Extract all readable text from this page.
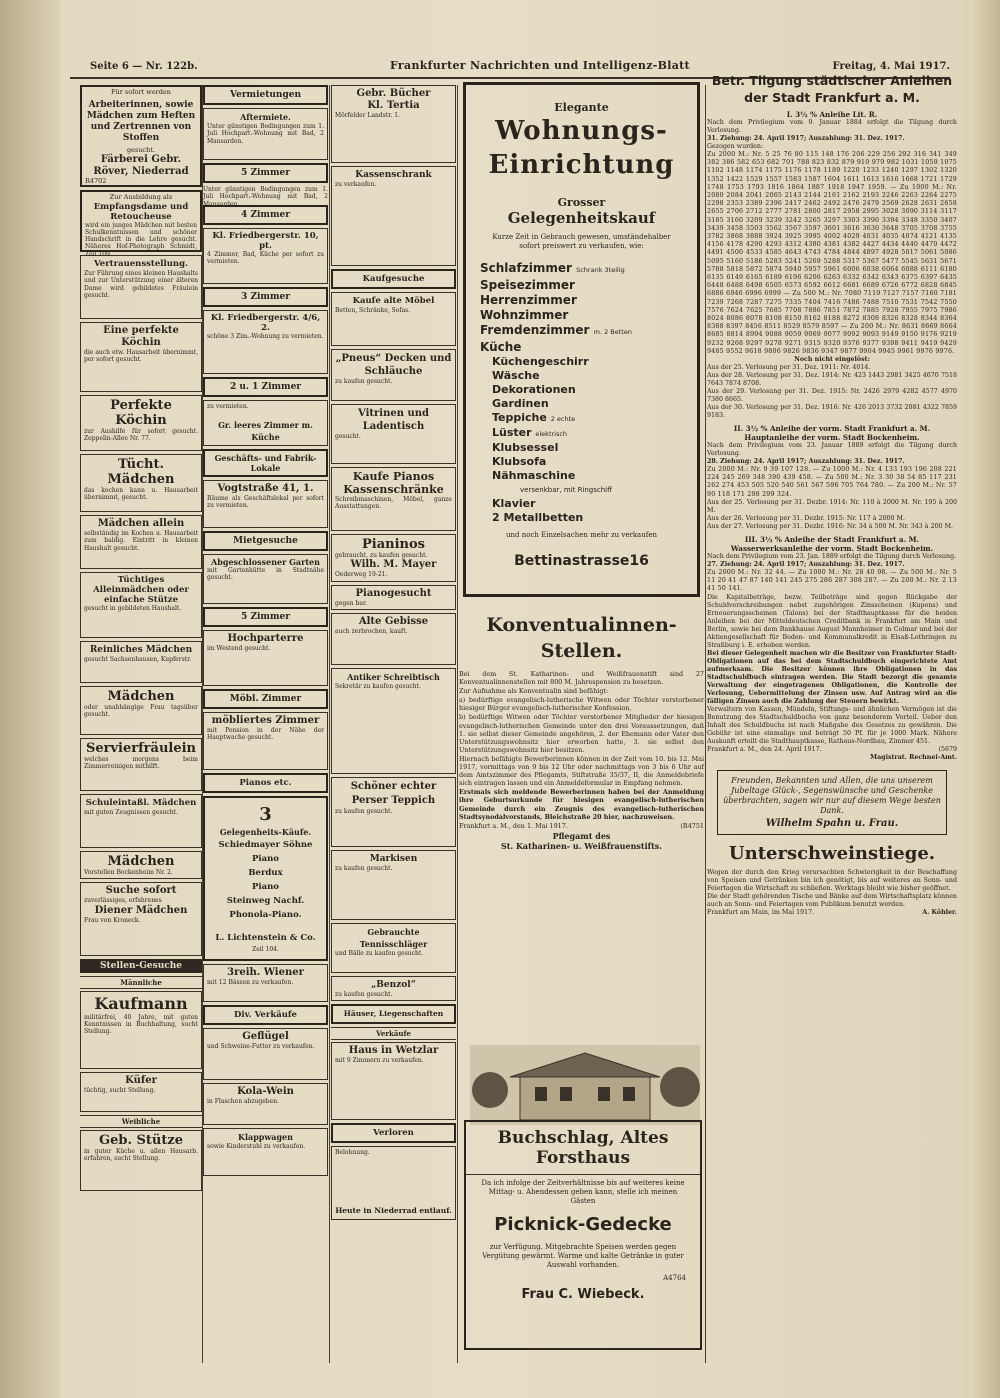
Seite 6 — Nr. 122b.	Frankfurter Nachrichten und Intelligenz-Blatt	Freitag, 4. Mai 1917.
Für sofort werden
Arbeiterinnen, sowie Mädchen zum Heften und Zertrennen von Stoffen
gesucht.
Färberei Gebr. Röver, Niederrad
R4702
Zur Ausbildung als
Empfangsdame und Retoucheuse
wird ein junges Mädchen mit besten Schulkenntnissen und schöner Handschrift in die Lehre gesucht. Näheres Hof-Photograph Schmidt, Zeil 109.
Vertrauensstellung.
Zur Führung eines kleinen Haushalts und zur Unterstützung einer älteren Dame wird gebildetes Fräulein gesucht.
Eine perfekte Köchin
die auch etw. Hausarbeit übernimmt, per sofort gesucht.
Perfekte Köchin
zur Aushilfe für sofort gesucht. Zeppelin-Allee Nr. 77.
Tücht. Mädchen
das kochen kann u. Hausarbeit übernimmt, gesucht.
Mädchen allein
selbständig im Kochen u. Hausarbeit zum baldig. Eintritt in kleinen Haushalt gesucht.
Tüchtiges Alleinmädchen oder einfache Stütze
gesucht in gebildeten Haushalt.
Reinliches Mädchen
gesucht Sachsenhausen, Kupferstr.
Mädchen
oder unabhängige Frau tagsüber gesucht.
Servierfräulein
welches morgens beim Zimmerreinigen mithilft.
Schuleintaßl. Mädchen
mit guten Zeugnissen gesucht.
Mädchen
Vorstellen Bockenheim Nr. 2.
Suche sofort
zuverlässiges, erfahrenes
Diener Mädchen
Frau von Kroneck.
Stellen-Gesuche
Männliche
Kaufmann
militärfrei, 40 Jahre, mit guten Kenntnissen in Buchhaltung, sucht Stellung.
Küfer
tüchtig, sucht Stellung.
Weibliche
Geb. Stütze
in guter Küche u. allen Hausarb. erfahren, sucht Stellung.
Vermietungen
Aftermiete.
Unter günstigen Bedingungen zum 1. Juli Hochpart.-Wohnung mit Bad, 2 Mansarden.
5 Zimmer
Unter günstigen Bedingungen zum 1. Juli Hochpart.-Wohnung mit Bad, 2 Mansarden.
4 Zimmer
Kl. Friedbergerstr. 10, pt.
4 Zimmer, Bad, Küche per sofort zu vermieten.
3 Zimmer
Kl. Friedbergerstr. 4/6, 2.
schöne 3 Zim.-Wohnung zu vermieten.
2 u. 1 Zimmer
zu vermieten.
Gr. leeres Zimmer m. Küche
Geschäfts- und Fabrik-Lokale
Vogtstraße 41, 1.
Räume als Geschäftslokal per sofort zu vermieten.
Mietgesuche
Abgeschlossener Garten
mit Gartenhütte in Stadtnähe gesucht.
5 Zimmer
Hochparterre
im Westend gesucht.
Möbl. Zimmer
möbliertes Zimmer
mit Pension in der Nähe der Hauptwache gesucht.
Pianos etc.
3
Gelegenheits-Käufe.
Schiedmayer Söhne
Piano
Berdux
Piano
Steinweg Nachf.
Phonola-Piano.
L. Lichtenstein & Co.
Zeil 104.
3reih. Wiener
mit 12 Bässen zu verkaufen.
Div. Verkäufe
Geflügel
und Schweine-Futter zu verkaufen.
Kola-Wein
in Flaschen abzugeben.
Klappwagen
sowie Kinderstuhl zu verkaufen.
Gebr. Bücher
Kl. Tertia
Mörfelder Landstr. 1.
Kassenschrank
zu verkaufen.
Kaufgesuche
Kaufe alte Möbel
Betten, Schränke, Sofas.
„Pneus“ Decken und Schläuche
zu kaufen gesucht.
Vitrinen und Ladentisch
gesucht.
Kaufe Pianos Kassenschränke
Schreibmaschinen, Möbel, ganze Ausstattungen.
Pianinos
gebraucht, zu kaufen gesucht.
Wilh. M. Mayer
Oederweg 19-21.
Pianogesucht
gegen bar.
Alte Gebisse
auch zerbrochen, kauft.
Antiker Schreibtisch
Sekretär zu kaufen gesucht.
Schöner echter Perser Teppich
zu kaufen gesucht.
Markisen
zu kaufen gesucht.
Gebrauchte Tennisschläger
und Bälle zu kaufen gesucht.
„Benzol“
zu kaufen gesucht.
Häuser, Liegenschaften
Verkäufe
Haus in Wetzlar
mit 9 Zimmern zu verkaufen.
Verloren
Belohnung.
Heute in Niederrad entlauf.
Elegante
Wohnungs-
Einrichtung
Grosser
Gelegenheitskauf
Kurze Zeit in Gebrauch gewesen, umständehalber sofort preiswert zu verkaufen, wie:
Schlafzimmer Schrank 3teilig
Speisezimmer
Herrenzimmer
Wohnzimmer
Fremdenzimmer m. 2 Betten
Küche
Küchengeschirr
Wäsche
Dekorationen
Gardinen
Teppiche 2 echte
Lüster elektrisch
Klubsessel
Klubsofa
Nähmaschine
versenkbar, mit Ringschiff
Klavier
2 Metallbetten
und noch Einzelsachen mehr zu verkaufen
Bettinastrasse16
Konventualinnen-Stellen.

Bei dem St. Katharinen- und Weißfrauenstift sind 27 Konventualinnenstellen mit 800 M. Jahrespension zu besetzen.

Zur Aufnahme als Konventualin sind befähigt:

a) bedürftige evangelisch-lutherische Witwen oder Töchter verstorbener hiesiger Bürger evangelisch-lutherischer Konfession,

b) bedürftige Witwen oder Töchter verstorbener Mitglieder der hiesigen evangelisch-lutherischen Gemeinde unter den drei Voraussetzungen, daß 1. sie selbst dieser Gemeinde angehören, 2. der Ehemann oder Vater den Unterstützungswohnsitz hier erworben hatte, 3. sie selbst den Unterstützungswohnsitz hier besitzen.

Hiernach befähigte Bewerberinnen können in der Zeit vom 10. bis 12. Mai 1917, vormittags von 9 bis 12 Uhr oder nachmittags von 3 bis 6 Uhr auf dem Amtszimmer des Pflegamts, Stiftstraße 35/37, II, die Anmeldebriefe sich eintragen lassen und ein Anmeldeformular in Empfang nehmen.

Erstmals sich meldende Bewerberinnen haben bei der Anmeldung ihre Geburtsurkunde für hiesigen evangelisch-lutherischen Gemeinde durch ein Zeugnis des evangelisch-lutherischen Stadtsynodalvorstands, Bleichstraße 20 hier, nachzuweisen.

Frankfurt a. M., den 1. Mai 1917.	(R4751

Pflegamt des
St. Katharinen- u. Weißfrauenstifts.
Buchschlag, Altes Forsthaus
Da ich infolge der Zeitverhältnisse bis auf weiteres keine Mittag- u. Abendessen geben kann, stelle ich meinen Gästen
Picknick-Gedecke
zur Verfügung. Mitgebrachte Speisen werden gegen Vergütung gewärmt. Warme und kalte Getränke in guter Auswahl vorhanden.
A4764
Frau C. Wiebeck.
Betr. Tilgung städtischer Anleihen
der Stadt Frankfurt a. M.
I. 3½ % Anleihe Lit. R.
Nach dem Privilegium vom 9. Januar 1884 erfolgt die Tilgung durch Verlosung.
31. Ziehung: 24. April 1917; Auszahlung: 31. Dez. 1917.
Gezogen wurden:
Zu 2000 M.: Nr. 5 25 76 80 115 148 176 206 229 256 292 316 341 349 382 386 582 653 682 701 788 823 832 879 910 979 982 1031 1059 1075 1102 1148 1174 1175 1176 1178 1189 1220 1233 1240 1297 1302 1320 1352 1422 1529 1557 1583 1587 1604 1611 1613 1616 1668 1721 1729 1748 1753 1793 1816 1864 1887 1918 1947 1959. — Zu 1000 M.: Nr. 2080 2084 2041 2065 2143 2144 2161 2162 2193 2246 2263 2264 2275 2298 2353 2389 2396 2417 2462 2492 2476 2479 2569 2628 2631 2658 2655 2706 2712 2777 2781 2800 2817 2958 2995 3028 3090 3114 3117 3185 3160 3209 3239 3242 3265 3297 3303 3390 3394 3348 3350 3407 3439 3458 3503 3562 3567 3597 3601 3616 3630 3648 3705 3708 3755 3782 3868 3888 3924 3925 3995 4002 4029 4031 4035 4074 4121 4135 4156 4178 4290 4293 4312 4380 4381 4382 4427 4434 4440 4470 4472 4491 4500 4533 4585 4643 4743 4784 4844 4897 4928 5017 5061 5086 5095 5160 5186 5283 5241 5269 5288 5317 5367 5477 5545 5631 5671 5788 5818 5872 5874 5940 5957 5961 6006 6038 6064 6088 6111 6180 6135 6149 6165 6189 6196 6206 6263 6332 6342 6343 6375 6397 6435 6448 6488 6498 6505 6573 6592 6612 6681 6689 6726 6772 6828 6845 6886 6946 6996 6999 — Zu 500 M.: Nr. 7080 7119 7127 7157 7160 7181 7239 7268 7287 7275 7335 7404 7416 7486 7488 7510 7531 7542 7550 7576 7624 7625 7685 7708 7886 7851 7872 7885 7928 7955 7975 7986 8024 8086 8078 8108 8150 8162 8188 8272 8308 8326 8328 8344 8364 8388 8397 8456 8511 8529 8579 8597 — Zu 200 M.: Nr. 8631 8669 8664 8685 8814 8994 9088 9059 9069 9077 9092 9093 9149 9150 9176 9219 9232 9268 9297 9278 9271 9315 9320 9376 9377 9398 9411 9419 9429 9485 9552 9618 9806 9826 9836 9347 9877 9904 9945 9961 9976 9976.
Noch nicht eingelöst:
Aus der 25. Verlosung per 31. Dez. 1911: Nr. 4014.
Aus der 28. Verlosung per 31. Dez. 1914: Nr. 423 1443 2981 3425 4670 7518 7643 7874 8708.
Aus der 29. Verlosung per 31. Dez. 1915: Nr. 2426 2979 4282 4577 4970 7380 8665.
Aus der 30. Verlosung per 31. Dez. 1916: Nr. 426 2013 3732 2081 4322 7859 9183.
II. 3½ % Anleihe der vorm. Stadt Frankfurt a. M. Hauptanleihe der vorm. Stadt Bockenheim.
Nach dem Privilegium vom 23. Januar 1889 erfolgt die Tilgung durch Verlosung.
28. Ziehung: 24. April 1917; Auszahlung: 31. Dez. 1917.
Zu 2000 M.: Nr. 9 39 107 128. — Zu 1000 M.: Nr. 4 133 193 196 208 221 224 245 269 348 390 439 458. — Zu 500 M.: Nr. 3 30 38 54 85 117 231 262 274 453 505 520 540 561 567 596 705 764 780. — Zu 200 M.: Nr. 57 90 118 171 298 299 324.
Aus der 25. Verlosung per 31. Dezbr. 1914: Nr. 110 à 2000 M. Nr. 195 à 200 M.
Aus der 26. Verlosung per 31. Dezbr. 1915: Nr. 117 à 2000 M.
Aus der 27. Verlosung per 31. Dezbr. 1916: Nr. 34 à 500 M. Nr. 343 à 200 M.
III. 3½ % Anleihe der Stadt Frankfurt a. M. Wasserwerksanleihe der vorm. Stadt Bockenheim.
Nach dem Privilegium vom 23. Jan. 1889 erfolgt die Tilgung durch Verlosung.
27. Ziehung: 24. April 1917; Auszahlung: 31. Dez. 1917.
Zu 2000 M.: Nr. 32 44. — Zu 1000 M.: Nr. 28 40 98. — Zu 500 M.: Nr. 5 11 20 41 47 87 140 141 245 275 286 287 308 287. — Zu 200 M.: Nr. 2 13 41 50 141.
Die Kapitalbeträge, bezw. Teilbeträge sind gegen Rückgabe der Schuldverschreibungen nebst zugehörigen Zinsscheinen (Kupons) und Erneuerungsscheinen (Talons) bei der Stadthauptkasse für die beiden Anleihen bei der Mitteldeutschen Creditbank in Frankfurt am Main und Berlin, sowie bei dem Bankhause August Mannheimer in Colmar und bei der Aktiengesellschaft für Boden- und Kommunalkredit in Elsaß-Lothringen zu Straßburg i. E. erhoben werden.
Bei dieser Gelegenheit machen wir die Besitzer von Frankfurter Stadt-Obligationen auf das bei dem Stadtschuldbuch eingerichtete Amt aufmerksam. Die Besitzer können ihre Obligationen in das Stadtschuldbuch eintragen werden. Die Stadt bezorgt die gesamte Verwaltung der eingetragenen Obligationen, die Kontrolle der Verlosung, Uebermittelung der Zinsen usw. Auf Antrag wird an die fälligen Zinsen auch die Zahlung der Steuern bewirkt.
Verwaltern von Kassen, Mündeln, Stiftungs- und ähnlichen Vermögen ist die Benutzung des Stadtschuldbuchs von ganz besonderem Vorteil. Ueber den Inhalt des Schuldbuchs ist nach Maßgabe des Gesetzes zu gewähren. Die Gebühr ist eine einmalige und beträgt 50 Pf. für je 1000 Mark. Nähere Auskunft erteilt die Stadthauptkasse, Rathaus-Nordbau, Zimmer 451.
Frankfurt a. M., den 24. April 1917.	(5679
Magistrat. Rechnei-Amt.
Freunden, Bekannten und Allen, die uns unserem Jubeltage Glück-, Segenswünsche und Geschenke überbrachten, sagen wir nur auf diesem Wege besten Dank.
Wilhelm Spahn u. Frau.
Unterschweinstiege.
Wegen der durch den Krieg verursachten Schwierigkeit in der Beschaffung von Speisen und Getränken bin ich genötigt, bis auf weiteres an Sonn- und Feiertagen die Wirtschaft zu schließen. Werktags bleibt wie bisher geöffnet.
Die der Stadt gehörenden Tische und Bänke auf dem Wirtschaftsplatz können auch an Sonn- und Feiertagen vom Publikum benutzt werden.
Frankfurt am Main, im Mai 1917.	A. Köhler.
